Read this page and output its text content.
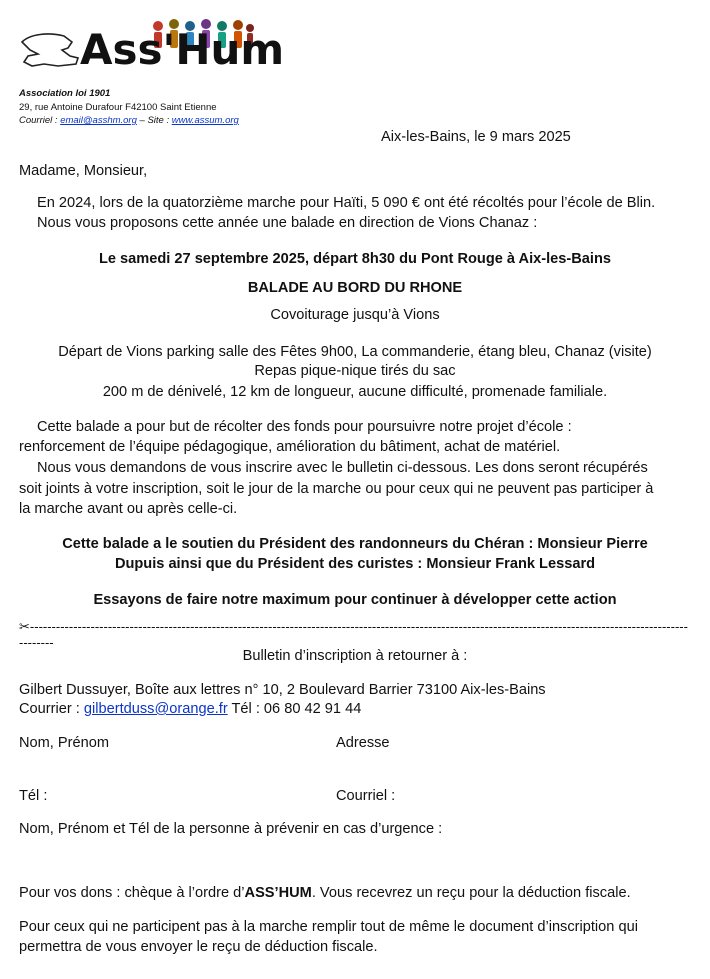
Ass'Hum
Association loi 1901
29, rue Antoine Durafour F42100 Saint Etienne
Courriel : email@asshm.org – Site : www.assum.org
Aix-les-Bains, le 9 mars 2025
Madame, Monsieur,
En 2024, lors de la quatorzième marche pour Haïti, 5 090 € ont été récoltés pour l’école de Blin.
Nous vous proposons cette année une balade en direction de Vions Chanaz :
Le samedi 27 septembre 2025, départ 8h30 du Pont Rouge à Aix-les-Bains
BALADE AU BORD DU RHONE
Covoiturage jusqu’à Vions
Départ de Vions parking salle des Fêtes 9h00, La commanderie, étang bleu, Chanaz (visite)
Repas pique-nique tirés du sac
200 m de dénivelé, 12 km de longueur, aucune difficulté, promenade familiale.
Cette balade a pour but de récolter des fonds pour poursuivre notre projet d’école :
renforcement de l’équipe pédagogique, amélioration du bâtiment, achat de matériel.
Nous vous demandons de vous inscrire avec le bulletin ci-dessous. Les dons seront récupérés
soit joints à votre inscription, soit le jour de la marche ou pour ceux qui ne peuvent pas participer à
la marche avant ou après celle-ci.
Cette balade a le soutien du Président des randonneurs du Chéran : Monsieur Pierre
Dupuis ainsi que du Président des curistes : Monsieur Frank Lessard
Essayons de faire notre maximum pour continuer à développer cette action
✂----------------------------------------------------------------------------------------------------------------------------------------------------------------
Bulletin d’inscription à retourner à :
Gilbert Dussuyer, Boîte aux lettres n° 10, 2 Boulevard Barrier 73100 Aix-les-Bains
Courrier : gilbertduss@orange.fr Tél : 06 80 42 91 44
Nom, Prénom	Adresse
Tél :	Courriel :
Nom, Prénom et Tél de la personne à prévenir en cas d’urgence :
Pour vos dons : chèque à l’ordre d’ASS’HUM. Vous recevrez un reçu pour la déduction fiscale.
Pour ceux qui ne participent pas à la marche remplir tout de même le document d’inscription qui
permettra de vous envoyer le reçu de déduction fiscale.
